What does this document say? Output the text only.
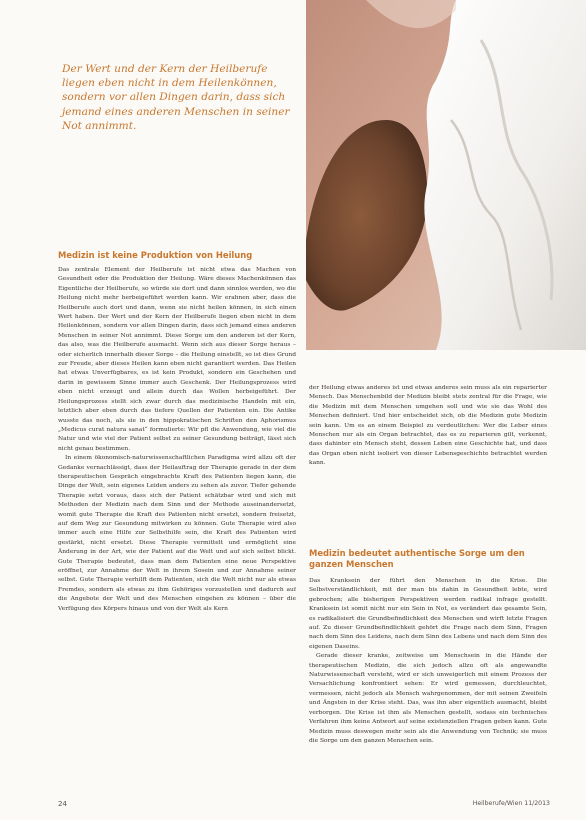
Der Wert und der Kern der Heilberufe liegen eben nicht in dem Heilenkönnen, sondern vor allen Dingen darin, dass sich jemand eines anderen Menschen in seiner Not annimmt.

Medizin ist keine Produktion von Heilung

Das zentrale Element der Heilberufe ist nicht etwa das Machen von Gesundheit oder die Produktion der Heilung. Wäre dieses Machenkönnen das Eigentliche der Heilberufe, so würde sie dort und dann sinnlos werden, wo die Heilung nicht mehr herbeigeführt werden kann. Wir erahnen aber, dass die Heilberufe auch dort und dann, wenn sie nicht heilen können, in sich einen Wert haben. Der Wert und der Kern der Heilberufe liegen eben nicht in dem Heilenkönnen, sondern vor allen Dingen darin, dass sich jemand eines anderen Menschen in seiner Not annimmt. Diese Sorge um den anderen ist der Kern, das also, was die Heilberufe ausmacht. Wenn sich aus dieser Sorge heraus – oder sicherlich innerhalb dieser Sorge – die Heilung einstellt, so ist dies Grund zur Freude, aber dieses Heilen kann eben nicht garantiert werden. Das Heilen hat etwas Unverfügbares, es ist kein Produkt, sondern ein Geschehen und darin in gewissem Sinne immer auch Geschenk. Der Heilungsprozess wird eben nicht erzeugt und allein durch das Wollen herbeigeführt. Der Heilungsprozess stellt sich zwar durch das medizinische Handeln mit ein, letztlich aber eben durch das tiefere Quellen der Patienten ein. Die Antike wusste das noch, als sie in den hippokratischen Schriften den Aphorismus „Medicus curat natura sanat“ formulierte: Wir pfl die Anwendung, wie viel die Natur und wie viel der Patient selbst zu seiner Gesundung beiträgt, lässt sich nicht genau bestimmen.

In einem ökonomisch-naturwissenschaftlichen Paradigma wird allzu oft der Gedanke vernachlässigt, dass der Heilauftrag der Therapie gerade in der dem therapeutischen Gespräch eingebrachte Kraft des Patienten liegen kann, die Dinge der Welt, sein eigenes Leiden anders zu sehen als zuvor. Tiefer gehende Therapie setzt voraus, dass sich der Patient schätzbar wird und sich mit Methoden der Medizin nach dem Sinn und der Methode auseinandersetzt, womit gute Therapie die Kraft des Patienten nicht ersetzt, sondern freisetzt, auf dem Weg zur Gesundung mitwirken zu können. Gute Therapie wird also immer auch eine Hilfe zur Selbsthilfe sein, die Kraft des Patienten wird gestärkt, nicht ersetzt. Diese Therapie vermittelt und ermöglicht eine Änderung in der Art, wie der Patient auf die Welt und auf sich selbst blickt. Gute Therapie bedeutet, dass man dem Patienten eine neue Perspektive eröffnet, zur Annahme der Welt in ihrem Sosein und zur Annahme seiner selbst. Gute Therapie verhilft dem Patienten, sich die Welt nicht nur als etwas Fremdes, sondern als etwas zu ihm Gehöriges vorzustellen und dadurch auf die Angebote der Welt und des Menschen eingehen zu können – über die Verfügung des Körpers hinaus und von der Welt als Kern

der Heilung etwas anderes ist und etwas anderes sein muss als ein reparierter Mensch. Das Menschenbild der Medizin bleibt stets zentral für die Frage, wie die Medizin mit dem Menschen umgehen soll und wie sie das Wohl des Menschen definiert. Und hier entscheidet sich, ob die Medizin gute Medizin sein kann. Um es an einem Beispiel zu verdeutlichen: Wer die Leber eines Menschen nur als ein Organ betrachtet, das es zu reparieren gilt, verkennt, dass dahinter ein Mensch steht, dessen Leben eine Geschichte hat, und dass das Organ eben nicht isoliert von dieser Lebensgeschichte betrachtet werden kann.

Medizin bedeutet authentische Sorge um den ganzen Menschen

Das Kranksein der führt den Menschen in die Krise. Die Selbstverständlichkeit, mit der man bis dahin in Gesundheit lebte, wird gebrochen; alle bisherigen Perspektiven werden radikal infrage gestellt. Kranksein ist somit nicht nur ein Sein in Not, es verändert das gesamte Sein, es radikalisiert die Grundbefindlichkeit des Menschen und wirft letzte Fragen auf. Zu dieser Grundbefindlichkeit gehört die Frage nach dem Sinn, Fragen nach dem Sinn des Leidens, nach dem Sinn des Lebens und nach dem Sinn des eigenen Daseins.

Gerade dieser kranke, zeitweise um Menschsein in die Hände der therapeutischen Medizin, die sich jedoch allzu oft als angewandte Naturwissenschaft versteht, wird er sich unweigerlich mit einem Prozess der Versachlichung konfrontiert sehen: Er wird gemessen, durchleuchtet, vermessen, nicht jedoch als Mensch wahrgenommen, der mit seinen Zweifeln und Ängsten in der Krise steht. Das, was ihn aber eigentlich ausmacht, bleibt verborgen. Die Krise ist ihm als Menschen gestellt, sodass ein technisches Verfahren ihm keine Antwort auf seine existenziellen Fragen geben kann. Gute Medizin muss deswegen mehr sein als die Anwendung von Technik; sie muss die Sorge um den ganzen Menschen sein.

24	Heilberufe/Wien 11/2013
